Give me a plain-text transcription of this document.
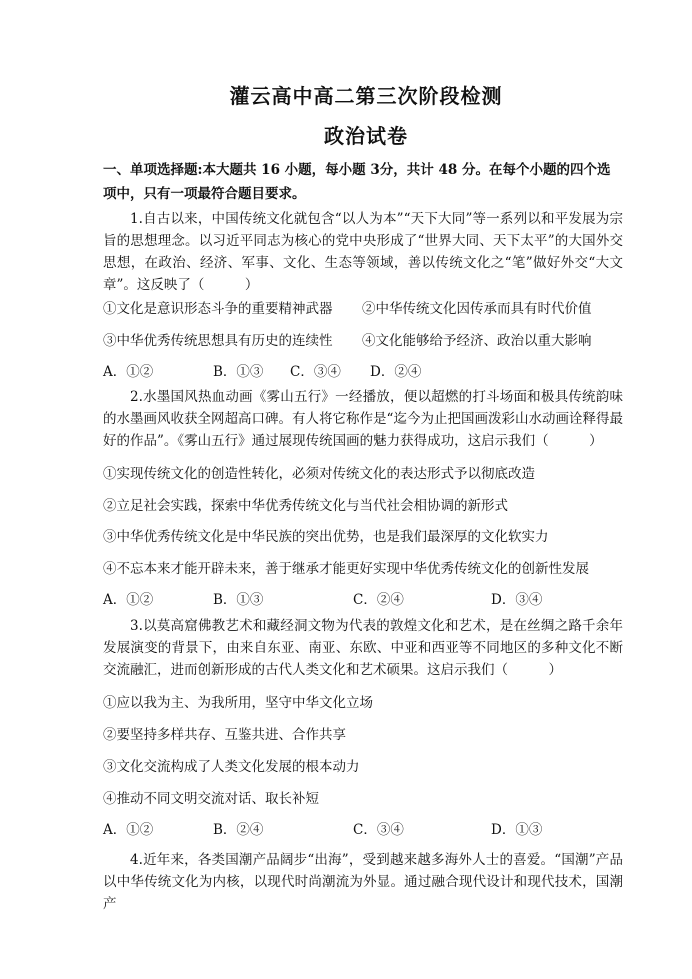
灌云高中高二第三次阶段检测
政治试卷
一、单项选择题:本大题共 16 小题，每小题 3分，共计 48 分。在每个小题的四个选项中，只有一项最符合题目要求。
1.自古以来，中国传统文化就包含“以人为本”“天下大同”等一系列以和平发展为宗旨的思想理念。以习近平同志为核心的党中央形成了“世界大同、天下太平”的大国外交思想，在政治、经济、军事、文化、生态等领域，善以传统文化之“笔”做好外交“大文章”。这反映了（　　　）
①文化是意识形态斗争的重要精神武器 ②中华传统文化因传承而具有时代价值
③中华优秀传统思想具有历史的连续性 ④文化能够给予经济、政治以重大影响
A．①②	B．①③ C．③④ D．②④
2.水墨国风热血动画《雾山五行》一经播放，便以超燃的打斗场面和极具传统韵味的水墨画风收获全网超高口碑。有人将它称作是“迄今为止把国画泼彩山水动画诠释得最好的作品”。《雾山五行》通过展现传统国画的魅力获得成功，这启示我们（　　　）
①实现传统文化的创造性转化，必须对传统文化的表达形式予以彻底改造
②立足社会实践，探索中华优秀传统文化与当代社会相协调的新形式
③中华优秀传统文化是中华民族的突出优势，也是我们最深厚的文化软实力
④不忘本来才能开辟未来，善于继承才能更好实现中华优秀传统文化的创新性发展
A．①②	B．①③	C．②④	D．③④
3.以莫高窟佛教艺术和藏经洞文物为代表的敦煌文化和艺术，是在丝绸之路千余年发展演变的背景下，由来自东亚、南亚、东欧、中亚和西亚等不同地区的多种文化不断交流融汇，进而创新形成的古代人类文化和艺术硕果。这启示我们（　　　）
①应以我为主、为我所用，坚守中华文化立场
②要坚持多样共存、互鉴共进、合作共享
③文化交流构成了人类文化发展的根本动力
④推动不同文明交流对话、取长补短
A．①②	B．②④	C．③④	D．①③
4.近年来，各类国潮产品阔步“出海”，受到越来越多海外人士的喜爱。“国潮”产品以中华传统文化为内核，以现代时尚潮流为外显。通过融合现代设计和现代技术，国潮产
